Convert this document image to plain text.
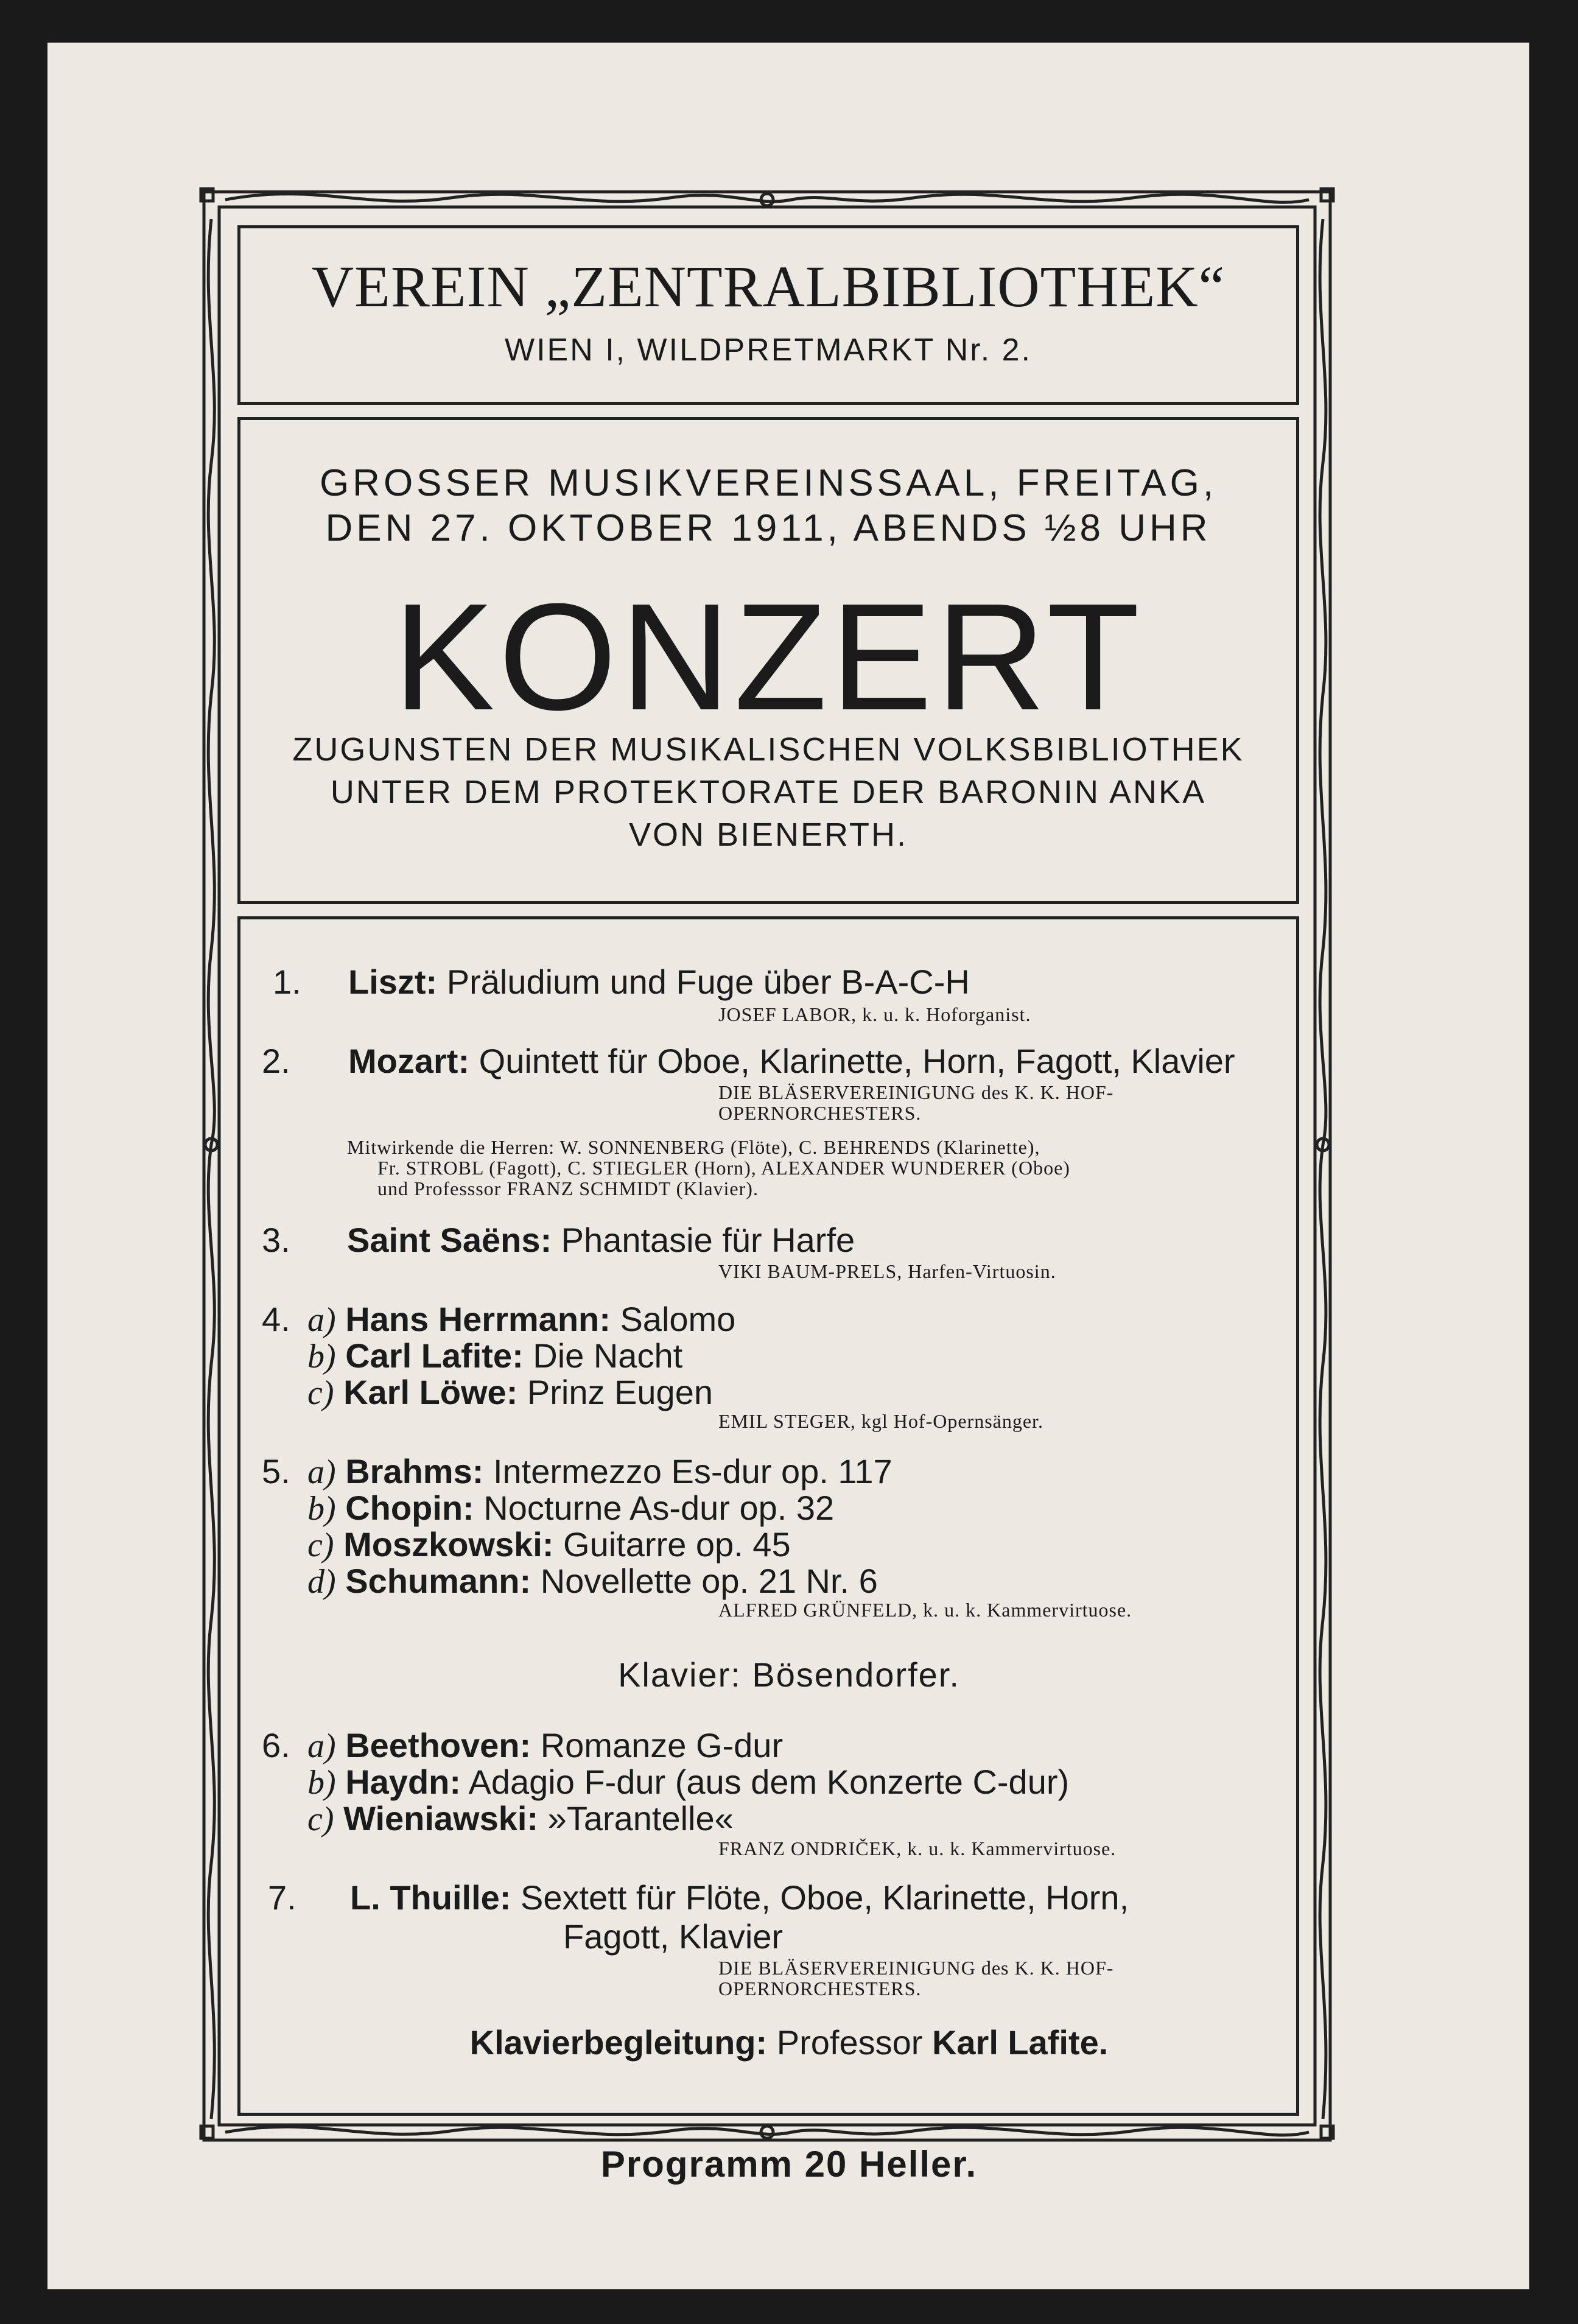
VEREIN „ZENTRALBIBLIOTHEK“
WIEN I, WILDPRETMARKT Nr. 2.
GROSSER MUSIKVEREINSSAAL, FREITAG,
DEN 27. OKTOBER 1911, ABENDS ½8 UHR
KONZERT
ZUGUNSTEN DER MUSIKALISCHEN VOLKSBIBLIOTHEK
UNTER DEM PROTEKTORATE DER BARONIN ANKA
VON BIENERTH.
1. Liszt: Präludium und Fuge über B-A-C-H
JOSEF LABOR, k. u. k. Hoforganist.
2. Mozart: Quintett für Oboe, Klarinette, Horn, Fagott, Klavier
DIE BLÄSERVEREINIGUNG des K. K. HOF-
OPERNORCHESTERS.
Mitwirkende die Herren: W. SONNENBERG (Flöte), C. BEHRENDS (Klarinette),
Fr. STROBL (Fagott), C. STIEGLER (Horn), ALEXANDER WUNDERER (Oboe)
und Professsor FRANZ SCHMIDT (Klavier).
3. Saint Saëns: Phantasie für Harfe
VIKI BAUM-PRELS, Harfen-Virtuosin.
4. a) Hans Herrmann: Salomo
b) Carl Lafite: Die Nacht
c) Karl Löwe: Prinz Eugen
EMIL STEGER, kgl Hof-Opernsänger.
5. a) Brahms: Intermezzo Es-dur op. 117
b) Chopin: Nocturne As-dur op. 32
c) Moszkowski: Guitarre op. 45
d) Schumann: Novellette op. 21 Nr. 6
ALFRED GRÜNFELD, k. u. k. Kammervirtuose.
Klavier: Bösendorfer.
6. a) Beethoven: Romanze G-dur
b) Haydn: Adagio F-dur (aus dem Konzerte C-dur)
c) Wieniawski: »Tarantelle«
FRANZ ONDRIČEK, k. u. k. Kammervirtuose.
7. L. Thuille: Sextett für Flöte, Oboe, Klarinette, Horn,
Fagott, Klavier
DIE BLÄSERVEREINIGUNG des K. K. HOF-
OPERNORCHESTERS.
Klavierbegleitung: Professor Karl Lafite.
Programm 20 Heller.
